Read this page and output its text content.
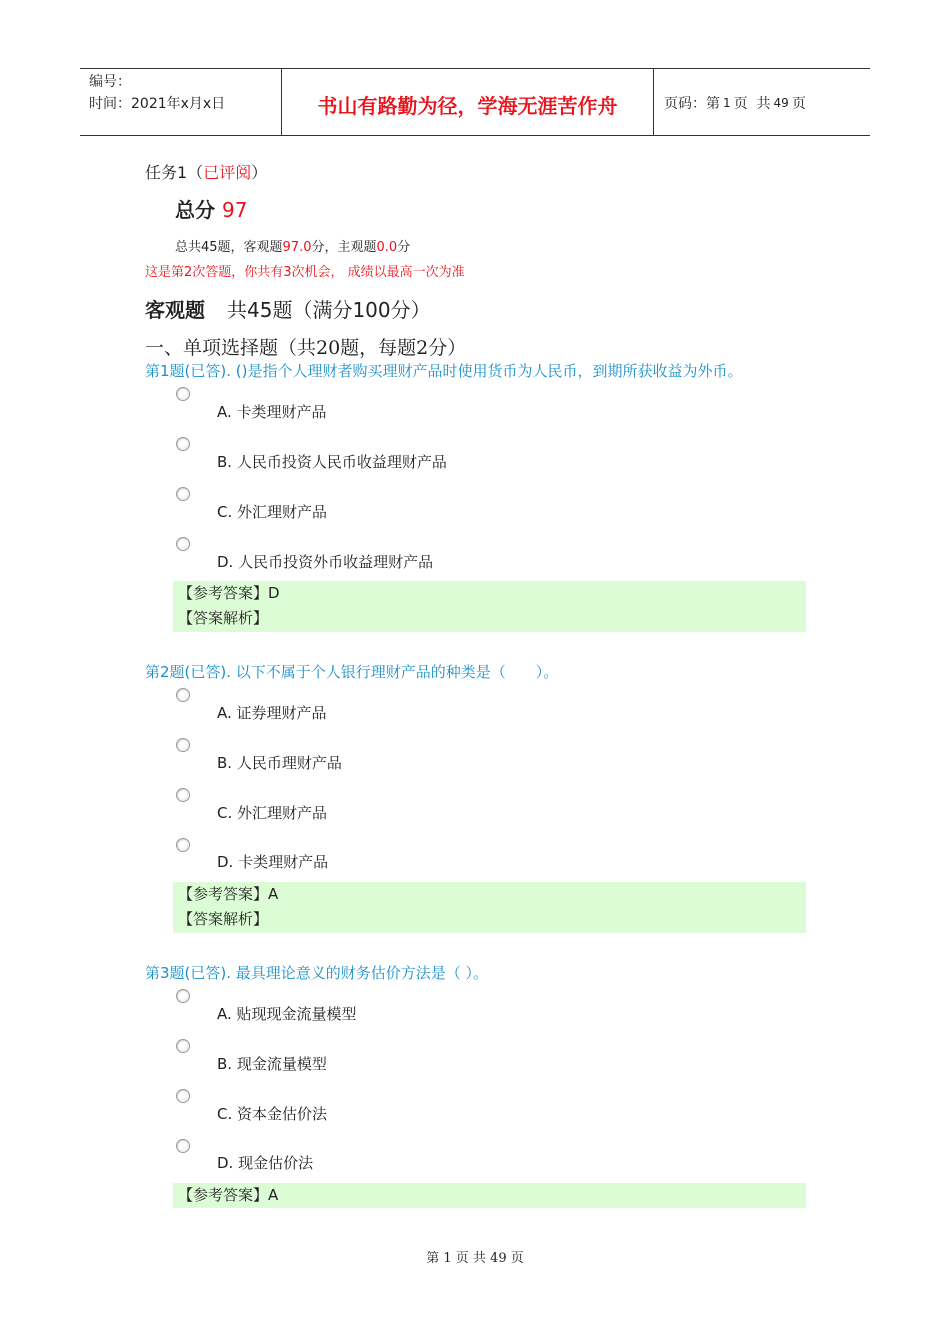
编号：
时间：2021年x月x日	书山有路勤为径，学海无涯苦作舟	页码：第 1 页  共 49 页
任务1（已评阅）
总分 97
总共45题，客观题97.0分，主观题0.0分
这是第2次答题，你共有3次机会， 成绩以最高一次为准
客观题 共45题（满分100分）
一、单项选择题（共20题，每题2分）
第1题(已答). ()是指个人理财者购买理财产品时使用货币为人民币，到期所获收益为外币。
A. 卡类理财产品
B. 人民币投资人民币收益理财产品
C. 外汇理财产品
D. 人民币投资外币收益理财产品
【参考答案】D
【答案解析】
第2题(已答). 以下不属于个人银行理财产品的种类是（　　）。
A. 证券理财产品
B. 人民币理财产品
C. 外汇理财产品
D. 卡类理财产品
【参考答案】A
【答案解析】
第3题(已答). 最具理论意义的财务估价方法是（ ）。
A. 贴现现金流量模型
B. 现金流量模型
C. 资本金估价法
D. 现金估价法
【参考答案】A
第 1 页 共 49 页
